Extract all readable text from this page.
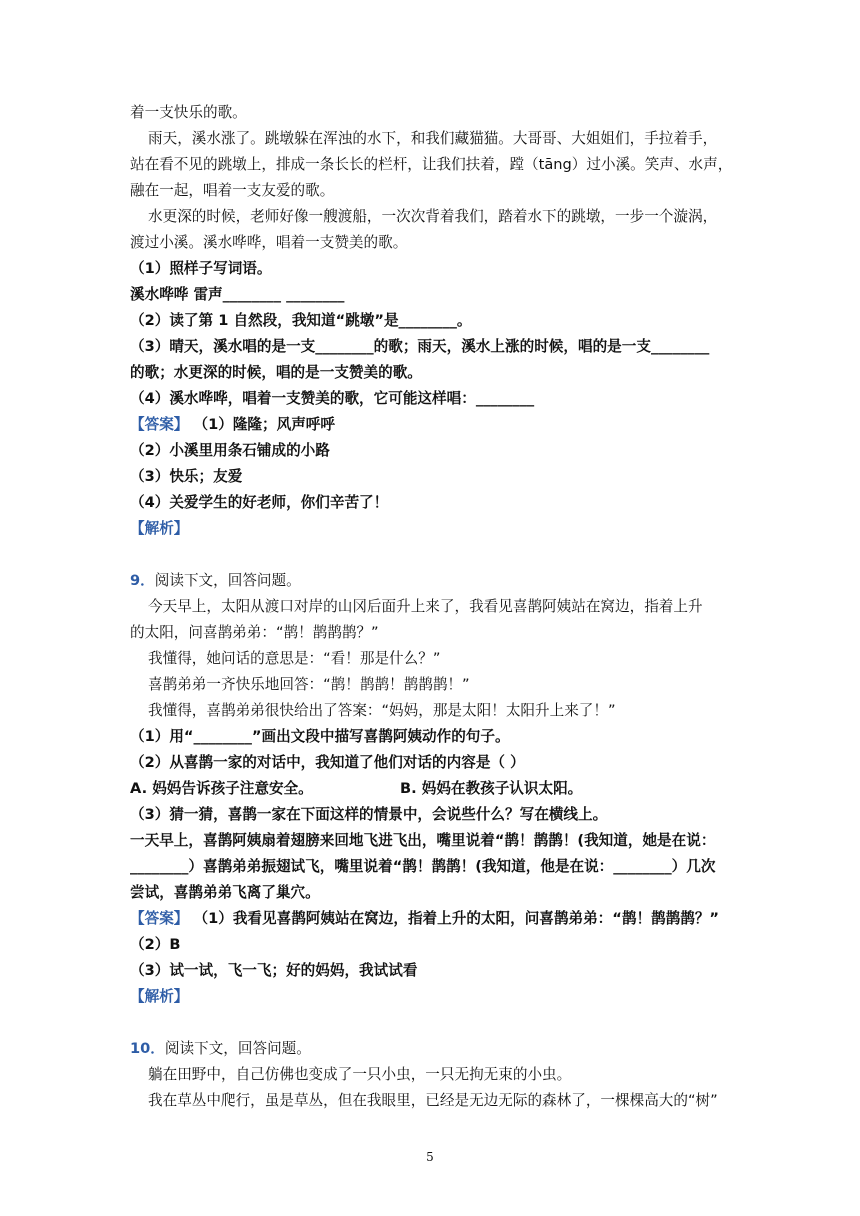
着一支快乐的歌。
雨天，溪水涨了。跳墩躲在浑浊的水下，和我们藏猫猫。大哥哥、大姐姐们，手拉着手，
站在看不见的跳墩上，排成一条长长的栏杆，让我们扶着，蹚（tāng）过小溪。笑声、水声，
融在一起，唱着一支友爱的歌。
水更深的时候，老师好像一艘渡船，一次次背着我们，踏着水下的跳墩，一步一个漩涡，
渡过小溪。溪水哗哗，唱着一支赞美的歌。
（1）照样子写词语。
溪水哗哗 雷声________ ________
（2）读了第 1 自然段，我知道“跳墩”是________。
（3）晴天，溪水唱的是一支________的歌；雨天，溪水上涨的时候，唱的是一支________
的歌；水更深的时候，唱的是一支赞美的歌。
（4）溪水哗哗，唱着一支赞美的歌，它可能这样唱：________
【答案】 （1）隆隆；风声呼呼
（2）小溪里用条石铺成的小路
（3）快乐；友爱
（4）关爱学生的好老师，你们辛苦了！
【解析】
9．阅读下文，回答问题。
今天早上，太阳从渡口对岸的山冈后面升上来了，我看见喜鹊阿姨站在窝边，指着上升
的太阳，问喜鹊弟弟：“鹊！鹊鹊鹊？”
我懂得，她问话的意思是：“看！那是什么？”
喜鹊弟弟一齐快乐地回答：“鹊！鹊鹊！鹊鹊鹊！”
我懂得，喜鹊弟弟很快给出了答案：“妈妈，那是太阳！太阳升上来了！”
（1）用“________”画出文段中描写喜鹊阿姨动作的句子。
（2）从喜鹊一家的对话中，我知道了他们对话的内容是（ ）
A. 妈妈告诉孩子注意安全。	B. 妈妈在教孩子认识太阳。
（3）猜一猜，喜鹊一家在下面这样的情景中，会说些什么？写在横线上。
一天早上，喜鹊阿姨扇着翅膀来回地飞进飞出，嘴里说着“鹊！鹊鹊！(我知道，她是在说：
________）喜鹊弟弟振翅试飞，嘴里说着“鹊！鹊鹊！(我知道，他是在说：________）几次
尝试，喜鹊弟弟飞离了巢穴。
【答案】 （1）我看见喜鹊阿姨站在窝边，指着上升的太阳，问喜鹊弟弟：“鹊！鹊鹊鹊？”
（2）B
（3）试一试，飞一飞；好的妈妈，我试试看
【解析】
10．阅读下文，回答问题。
躺在田野中，自己仿佛也变成了一只小虫，一只无拘无束的小虫。
我在草丛中爬行，虽是草丛，但在我眼里，已经是无边无际的森林了，一棵棵高大的“树”
5
